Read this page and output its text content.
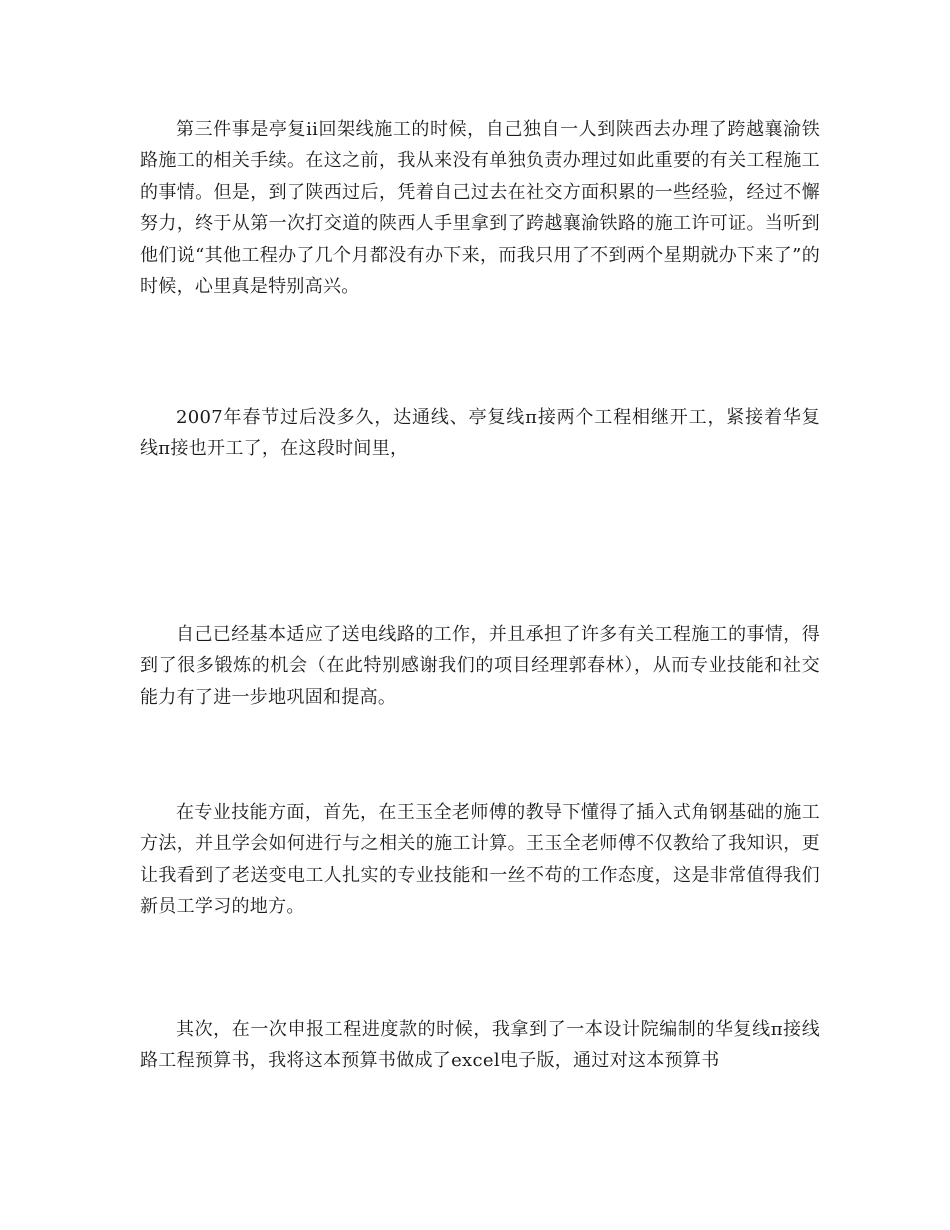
第三件事是亭复ii回架线施工的时候，自己独自一人到陕西去办理了跨越襄渝铁路施工的相关手续。在这之前，我从来没有单独负责办理过如此重要的有关工程施工的事情。但是，到了陕西过后，凭着自己过去在社交方面积累的一些经验，经过不懈努力，终于从第一次打交道的陕西人手里拿到了跨越襄渝铁路的施工许可证。当听到他们说“其他工程办了几个月都没有办下来，而我只用了不到两个星期就办下来了”的时候，心里真是特别高兴。

2007年春节过后没多久，达通线、亭复线π接两个工程相继开工，紧接着华复线π接也开工了，在这段时间里，

自己已经基本适应了送电线路的工作，并且承担了许多有关工程施工的事情，得到了很多锻炼的机会（在此特别感谢我们的项目经理郭春林），从而专业技能和社交能力有了进一步地巩固和提高。

在专业技能方面，首先，在王玉全老师傅的教导下懂得了插入式角钢基础的施工方法，并且学会如何进行与之相关的施工计算。王玉全老师傅不仅教给了我知识，更让我看到了老送变电工人扎实的专业技能和一丝不苟的工作态度，这是非常值得我们新员工学习的地方。

其次，在一次申报工程进度款的时候，我拿到了一本设计院编制的华复线π接线路工程预算书，我将这本预算书做成了excel电子版，通过对这本预算书
